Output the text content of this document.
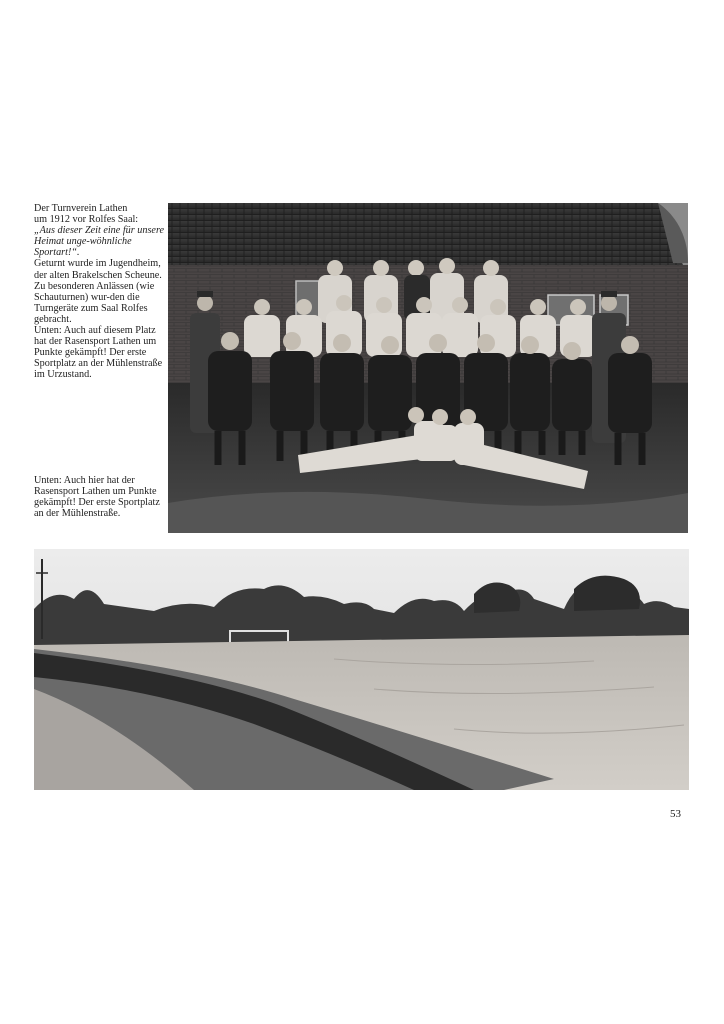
Der Turnverein Lathen

um 1912 vor Rolfes Saal:

„Aus dieser Zeit eine für unsere Heimat unge-wöhnliche Sportart!“.

Geturnt wurde im Jugendheim, der alten Brakelschen Scheune. Zu besonderen Anlässen (wie Schauturnen) wur-den die Turngeräte zum Saal Rolfes gebracht.

Unten: Auch auf diesem Platz hat der Rasensport Lathen um Punkte gekämpft! Der erste Sportplatz an der Mühlenstraße im Urzustand.

Unten: Auch hier hat der Rasensport Lathen um Punkte gekämpft! Der erste Sportplatz an der Mühlenstraße.

53
